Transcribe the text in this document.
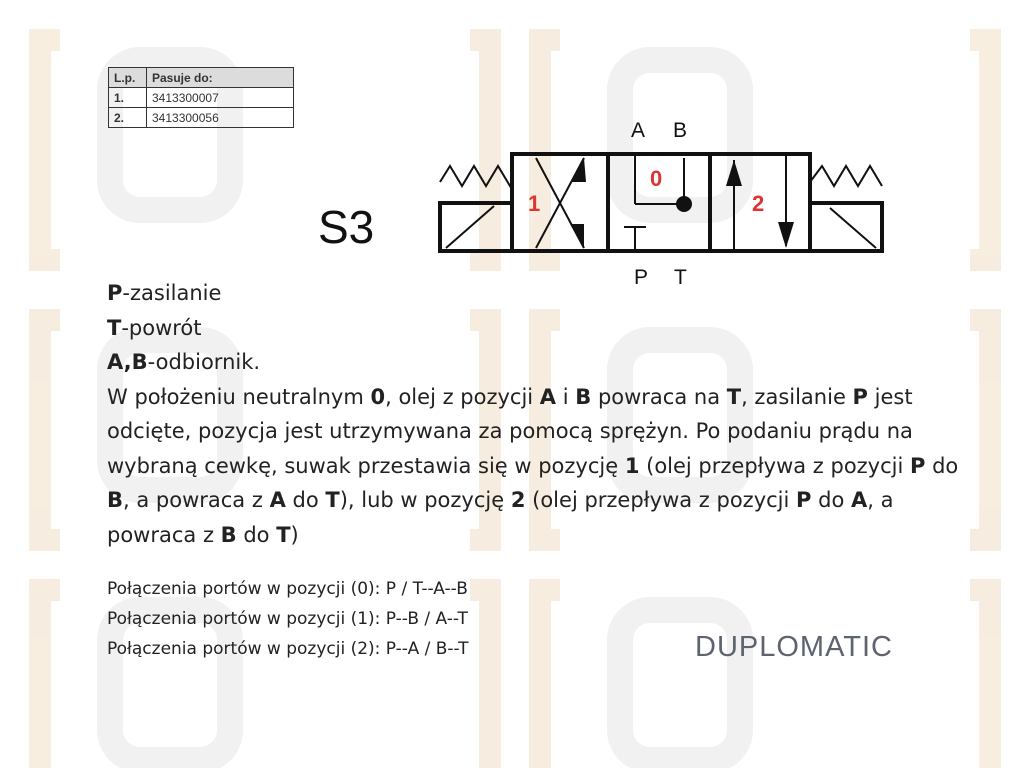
L.p.	Pasuje do:
1.	3413300007
2.	3413300056
S3
A B
P T
1
0
2

P-zasilanie

T-powrót

A,B-odbiornik.

W położeniu neutralnym 0, olej z pozycji A i B powraca na T, zasilanie P jest odcięte, pozycja jest utrzymywana za pomocą sprężyn. Po podaniu prądu na wybraną cewkę, suwak przestawia się w pozycję 1 (olej przepływa z pozycji P do B, a powraca z A do T), lub w pozycję 2 (olej przepływa z pozycji P do A, a powraca z B do T)

Połączenia portów w pozycji (0): P / T--A--B

Połączenia portów w pozycji (1): P--B / A--T

Połączenia portów w pozycji (2): P--A / B--T	DUPLOMATIC
